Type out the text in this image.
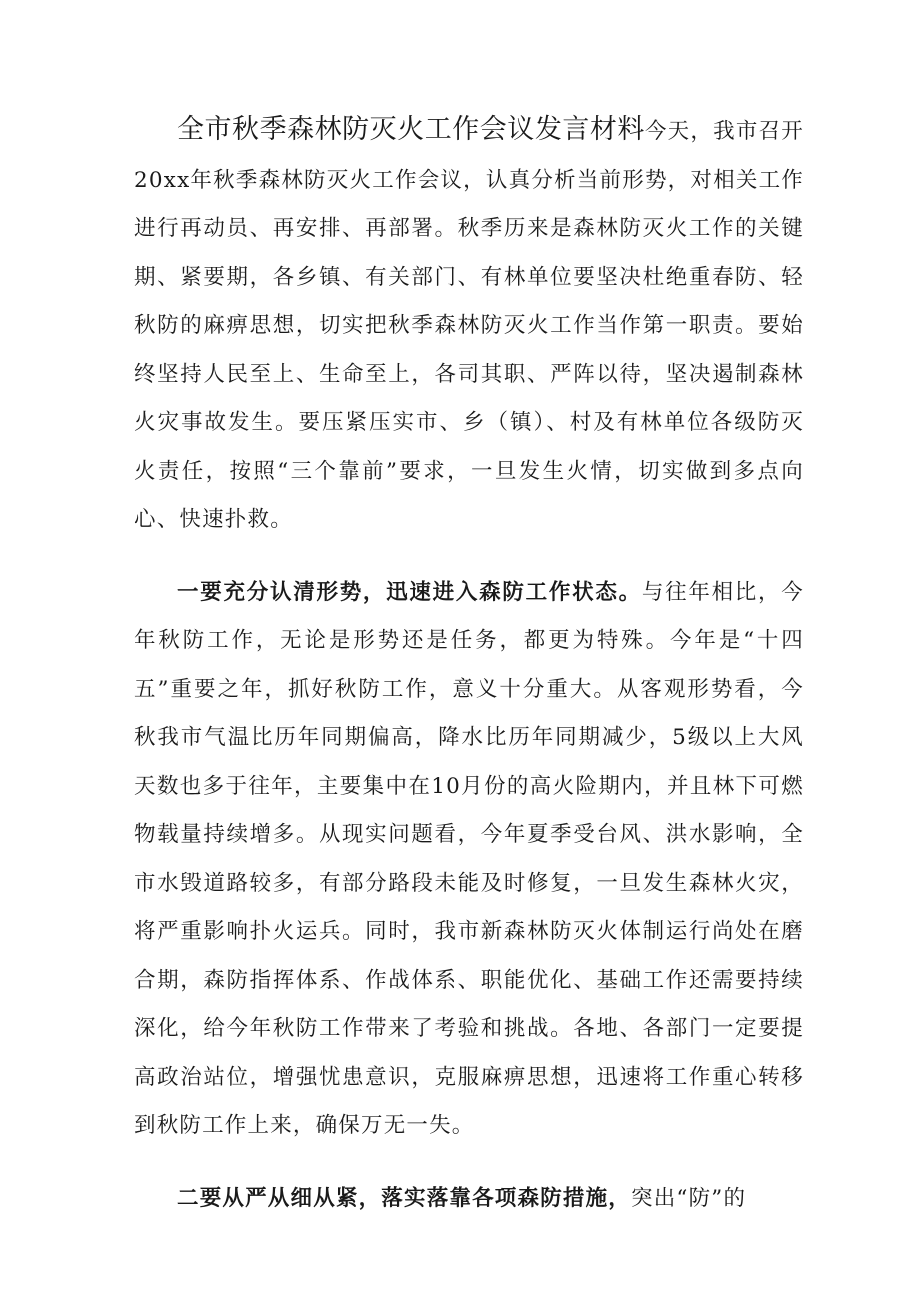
全市秋季森林防灭火工作会议发言材料今天，我市召开20xx年秋季森林防灭火工作会议，认真分析当前形势，对相关工作进行再动员、再安排、再部署。秋季历来是森林防灭火工作的关键期、紧要期，各乡镇、有关部门、有林单位要坚决杜绝重春防、轻秋防的麻痹思想，切实把秋季森林防灭火工作当作第一职责。要始终坚持人民至上、生命至上，各司其职、严阵以待，坚决遏制森林火灾事故发生。要压紧压实市、乡（镇）、村及有林单位各级防灭火责任，按照“三个靠前”要求，一旦发生火情，切实做到多点向心、快速扑救。

一要充分认清形势，迅速进入森防工作状态。与往年相比，今年秋防工作，无论是形势还是任务，都更为特殊。今年是“十四五”重要之年，抓好秋防工作，意义十分重大。从客观形势看，今秋我市气温比历年同期偏高，降水比历年同期减少，5级以上大风天数也多于往年，主要集中在10月份的高火险期内，并且林下可燃物载量持续增多。从现实问题看，今年夏季受台风、洪水影响，全市水毁道路较多，有部分路段未能及时修复，一旦发生森林火灾，将严重影响扑火运兵。同时，我市新森林防灭火体制运行尚处在磨合期，森防指挥体系、作战体系、职能优化、基础工作还需要持续深化，给今年秋防工作带来了考验和挑战。各地、各部门一定要提高政治站位，增强忧患意识，克服麻痹思想，迅速将工作重心转移到秋防工作上来，确保万无一失。

二要从严从细从紧，落实落靠各项森防措施，突出“防”的
